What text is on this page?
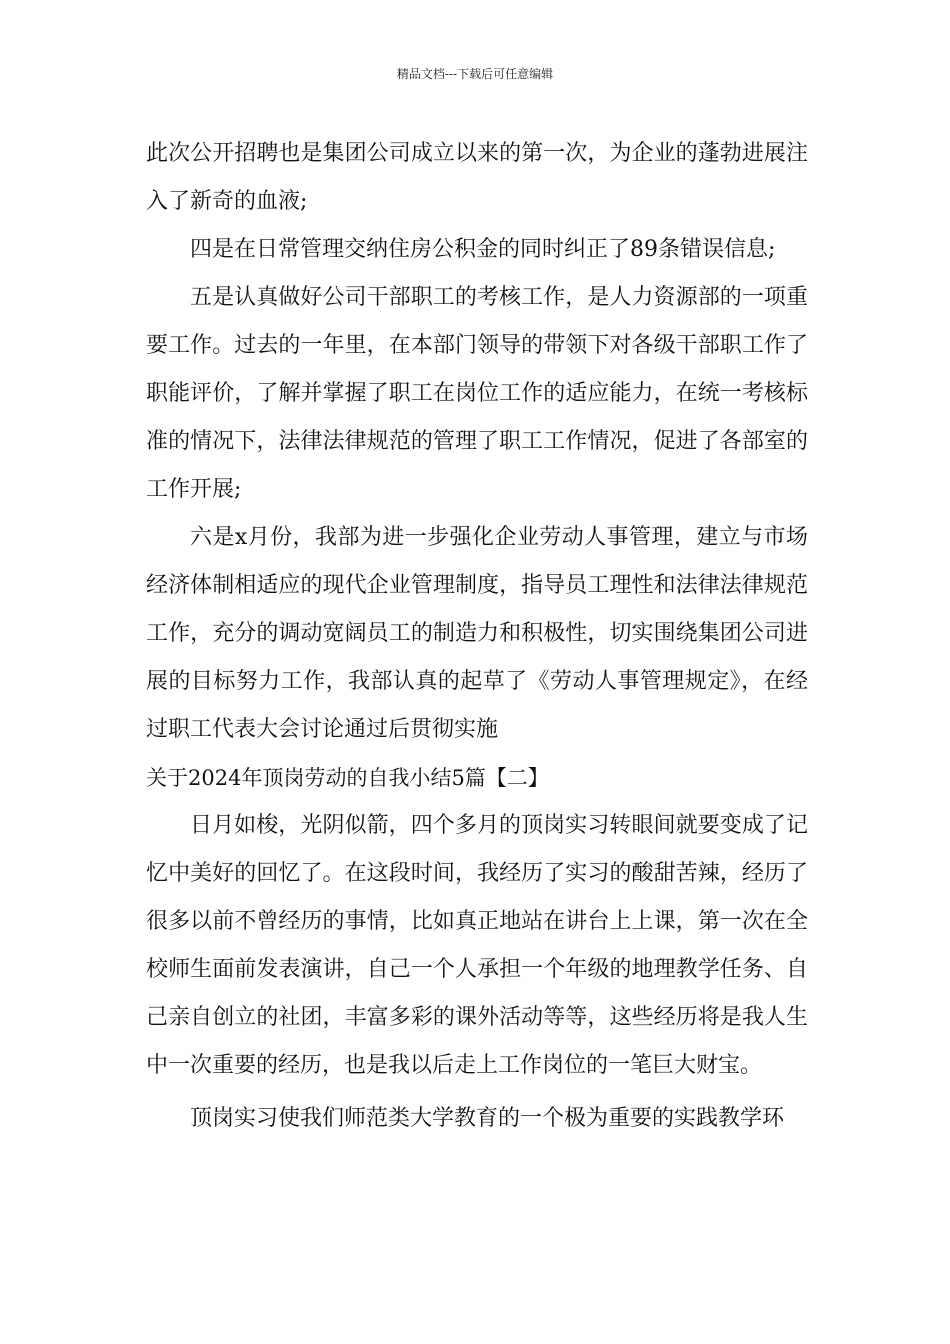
精品文档---下载后可任意编辑

此次公开招聘也是集团公司成立以来的第一次，为企业的蓬勃进展注入了新奇的血液;

四是在日常管理交纳住房公积金的同时纠正了89条错误信息;

五是认真做好公司干部职工的考核工作，是人力资源部的一项重要工作。过去的一年里，在本部门领导的带领下对各级干部职工作了职能评价，了解并掌握了职工在岗位工作的适应能力，在统一考核标准的情况下，法律法律规范的管理了职工工作情况，促进了各部室的工作开展;

六是x月份，我部为进一步强化企业劳动人事管理，建立与市场经济体制相适应的现代企业管理制度，指导员工理性和法律法律规范工作，充分的调动宽阔员工的制造力和积极性，切实围绕集团公司进展的目标努力工作，我部认真的起草了《劳动人事管理规定》，在经过职工代表大会讨论通过后贯彻实施

关于2024年顶岗劳动的自我小结5篇【二】

日月如梭，光阴似箭，四个多月的顶岗实习转眼间就要变成了记忆中美好的回忆了。在这段时间，我经历了实习的酸甜苦辣，经历了很多以前不曾经历的事情，比如真正地站在讲台上上课，第一次在全校师生面前发表演讲，自己一个人承担一个年级的地理教学任务、自己亲自创立的社团，丰富多彩的课外活动等等，这些经历将是我人生中一次重要的经历，也是我以后走上工作岗位的一笔巨大财宝。

顶岗实习使我们师范类大学教育的一个极为重要的实践教学环
